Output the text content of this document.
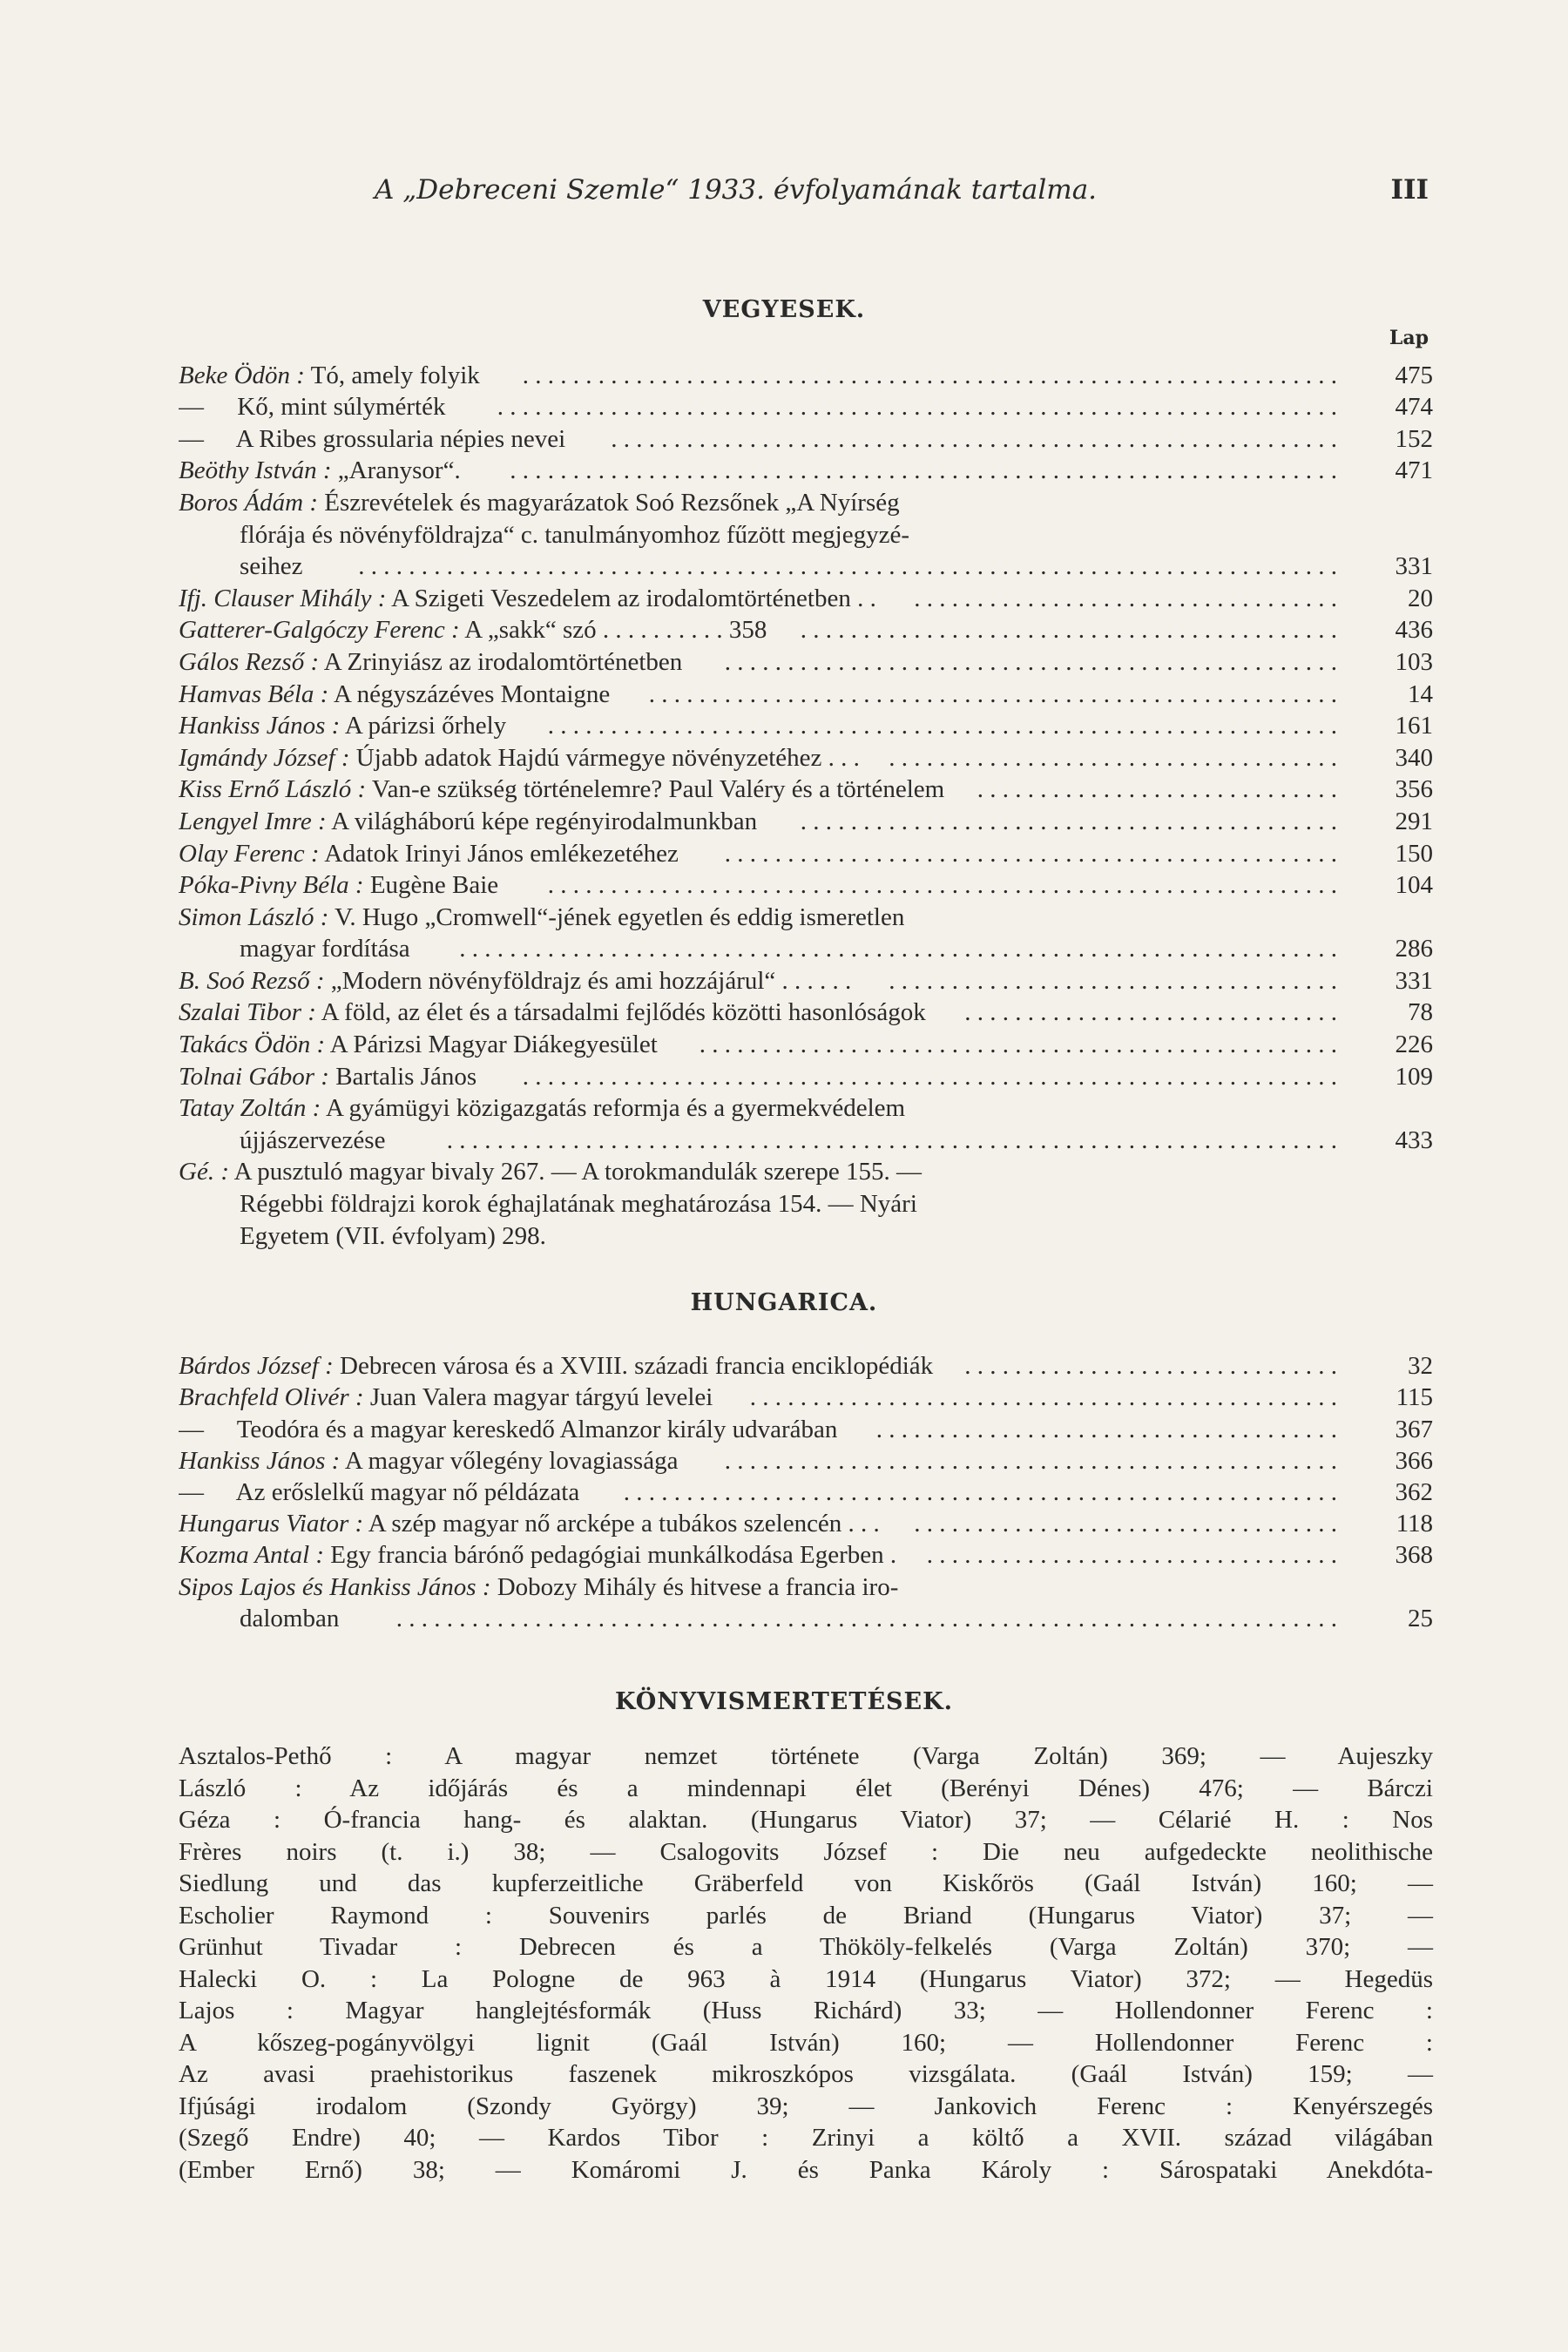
A „Debreceni Szemle“ 1933. évfolyamának tartalma.	III
VEGYESEK.
Lap
Beke Ödön : Tó, amely folyik . . . . . . . . . . . . . . . . . . . . . . . . . . . . . . . . . . . . . . . . . . . . . . . . . . . . . . . . . . . . . . . . .	475
— Kő, mint súlymérték . . . . . . . . . . . . . . . . . . . . . . . . . . . . . . . . . . . . . . . . . . . . . . . . . . . . . . . . . . . . . . . . . . .	474
— A Ribes grossularia népies nevei . . . . . . . . . . . . . . . . . . . . . . . . . . . . . . . . . . . . . . . . . . . . . . . . . . . . . . . . . .	152
Beöthy István : „Aranysor“. . . . . . . . . . . . . . . . . . . . . . . . . . . . . . . . . . . . . . . . . . . . . . . . . . . . . . . . . . . . . . . . . . .	471
Boros Ádám : Észrevételek és magyarázatok Soó Rezsőnek „A Nyírség
flórája és növényföldrajza“ c. tanulmányomhoz fűzött megjegyzé-
seihez . . . . . . . . . . . . . . . . . . . . . . . . . . . . . . . . . . . . . . . . . . . . . . . . . . . . . . . . . . . . . . . . . . . . . . . . . . . . . .	331
Ifj. Clauser Mihály : A Szigeti Veszedelem az irodalomtörténetben . . . . . . . . . . . . . . . . . . . . . . . . . . . . . . . . . . . .	20
Gatterer-Galgóczy Ferenc : A „sakk“ szó . . . . . . . . . . 358 . . . . . . . . . . . . . . . . . . . . . . . . . . . . . . . . . . . . . . . . . . .	436
Gálos Rezső : A Zrinyiász az irodalomtörténetben . . . . . . . . . . . . . . . . . . . . . . . . . . . . . . . . . . . . . . . . . . . . . . . . .	103
Hamvas Béla : A négyszázéves Montaigne . . . . . . . . . . . . . . . . . . . . . . . . . . . . . . . . . . . . . . . . . . . . . . . . . . . . . . .	14
Hankiss János : A párizsi őrhely . . . . . . . . . . . . . . . . . . . . . . . . . . . . . . . . . . . . . . . . . . . . . . . . . . . . . . . . . . . . . . .	161
Igmándy József : Újabb adatok Hajdú vármegye növényzetéhez . . . . . . . . . . . . . . . . . . . . . . . . . . . . . . . . . . . . . . .	340
Kiss Ernő László : Van-e szükség történelemre? Paul Valéry és a történelem . . . . . . . . . . . . . . . . . . . . . . . . . . . . .	356
Lengyel Imre : A világháború képe regényirodalmunkban . . . . . . . . . . . . . . . . . . . . . . . . . . . . . . . . . . . . . . . . . . .	291
Olay Ferenc : Adatok Irinyi János emlékezetéhez . . . . . . . . . . . . . . . . . . . . . . . . . . . . . . . . . . . . . . . . . . . . . . . . .	150
Póka-Pivny Béla : Eugène Baie . . . . . . . . . . . . . . . . . . . . . . . . . . . . . . . . . . . . . . . . . . . . . . . . . . . . . . . . . . . . . . .	104
Simon László : V. Hugo „Cromwell“-jének egyetlen és eddig ismeretlen
magyar fordítása . . . . . . . . . . . . . . . . . . . . . . . . . . . . . . . . . . . . . . . . . . . . . . . . . . . . . . . . . . . . . . . . . . . . . .	286
B. Soó Rezső : „Modern növényföldrajz és ami hozzájárul“ . . . . . . . . . . . . . . . . . . . . . . . . . . . . . . . . . . . . . . . . . .	331
Szalai Tibor : A föld, az élet és a társadalmi fejlődés közötti hasonlóságok . . . . . . . . . . . . . . . . . . . . . . . . . . . . . .	78
Takács Ödön : A Párizsi Magyar Diákegyesület . . . . . . . . . . . . . . . . . . . . . . . . . . . . . . . . . . . . . . . . . . . . . . . . . . .	226
Tolnai Gábor : Bartalis János . . . . . . . . . . . . . . . . . . . . . . . . . . . . . . . . . . . . . . . . . . . . . . . . . . . . . . . . . . . . . . . . .	109
Tatay Zoltán : A gyámügyi közigazgatás reformja és a gyermekvédelem
újjászervezése . . . . . . . . . . . . . . . . . . . . . . . . . . . . . . . . . . . . . . . . . . . . . . . . . . . . . . . . . . . . . . . . . . . . . . .	433
Gé. : A pusztuló magyar bivaly 267. — A torokmandulák szerepe 155. —
Régebbi földrajzi korok éghajlatának meghatározása 154. — Nyári
Egyetem (VII. évfolyam) 298.
HUNGARICA.
Bárdos József : Debrecen városa és a XVIII. századi francia enciklopédiák . . . . . . . . . . . . . . . . . . . . . . . . . . . . . .	32
Brachfeld Olivér : Juan Valera magyar tárgyú levelei . . . . . . . . . . . . . . . . . . . . . . . . . . . . . . . . . . . . . . . . . . . . . . .	115
— Teodóra és a magyar kereskedő Almanzor király udvarában . . . . . . . . . . . . . . . . . . . . . . . . . . . . . . . . . . . . .	367
Hankiss János : A magyar vőlegény lovagiassága . . . . . . . . . . . . . . . . . . . . . . . . . . . . . . . . . . . . . . . . . . . . . . . . .	366
— Az erőslelkű magyar nő példázata . . . . . . . . . . . . . . . . . . . . . . . . . . . . . . . . . . . . . . . . . . . . . . . . . . . . . . . . .	362
Hungarus Viator : A szép magyar nő arcképe a tubákos szelencén . . . . . . . . . . . . . . . . . . . . . . . . . . . . . . . . . . . . .	118
Kozma Antal : Egy francia bárónő pedagógiai munkálkodása Egerben . . . . . . . . . . . . . . . . . . . . . . . . . . . . . . . . . .	368
Sipos Lajos és Hankiss János : Dobozy Mihály és hitvese a francia iro-
dalomban . . . . . . . . . . . . . . . . . . . . . . . . . . . . . . . . . . . . . . . . . . . . . . . . . . . . . . . . . . . . . . . . . . . . . . . . . . .	25
KÖNYVISMERTETÉSEK.
Asztalos-Pethő : A magyar nemzet története (Varga Zoltán) 369; — Aujeszky
László : Az időjárás és a mindennapi élet (Berényi Dénes) 476; — Bárczi
Géza : Ó-francia hang- és alaktan. (Hungarus Viator) 37; — Célarié H. : Nos
Frères noirs (t. i.) 38; — Csalogovits József : Die neu aufgedeckte neolithische
Siedlung und das kupferzeitliche Gräberfeld von Kiskőrös (Gaál István) 160; —
Escholier Raymond : Souvenirs parlés de Briand (Hungarus Viator) 37; —
Grünhut Tivadar : Debrecen és a Thököly-felkelés (Varga Zoltán) 370; —
Halecki O. : La Pologne de 963 à 1914 (Hungarus Viator) 372; — Hegedüs
Lajos : Magyar hanglejtésformák (Huss Richárd) 33; — Hollendonner Ferenc :
A kőszeg-pogányvölgyi lignit (Gaál István) 160; — Hollendonner Ferenc :
Az avasi praehistorikus faszenek mikroszkópos vizsgálata. (Gaál István) 159; —
Ifjúsági irodalom (Szondy György) 39; — Jankovich Ferenc : Kenyérszegés
(Szegő Endre) 40; — Kardos Tibor : Zrinyi a költő a XVII. század világában
(Ember Ernő) 38; — Komáromi J. és Panka Károly : Sárospataki Anekdóta-
